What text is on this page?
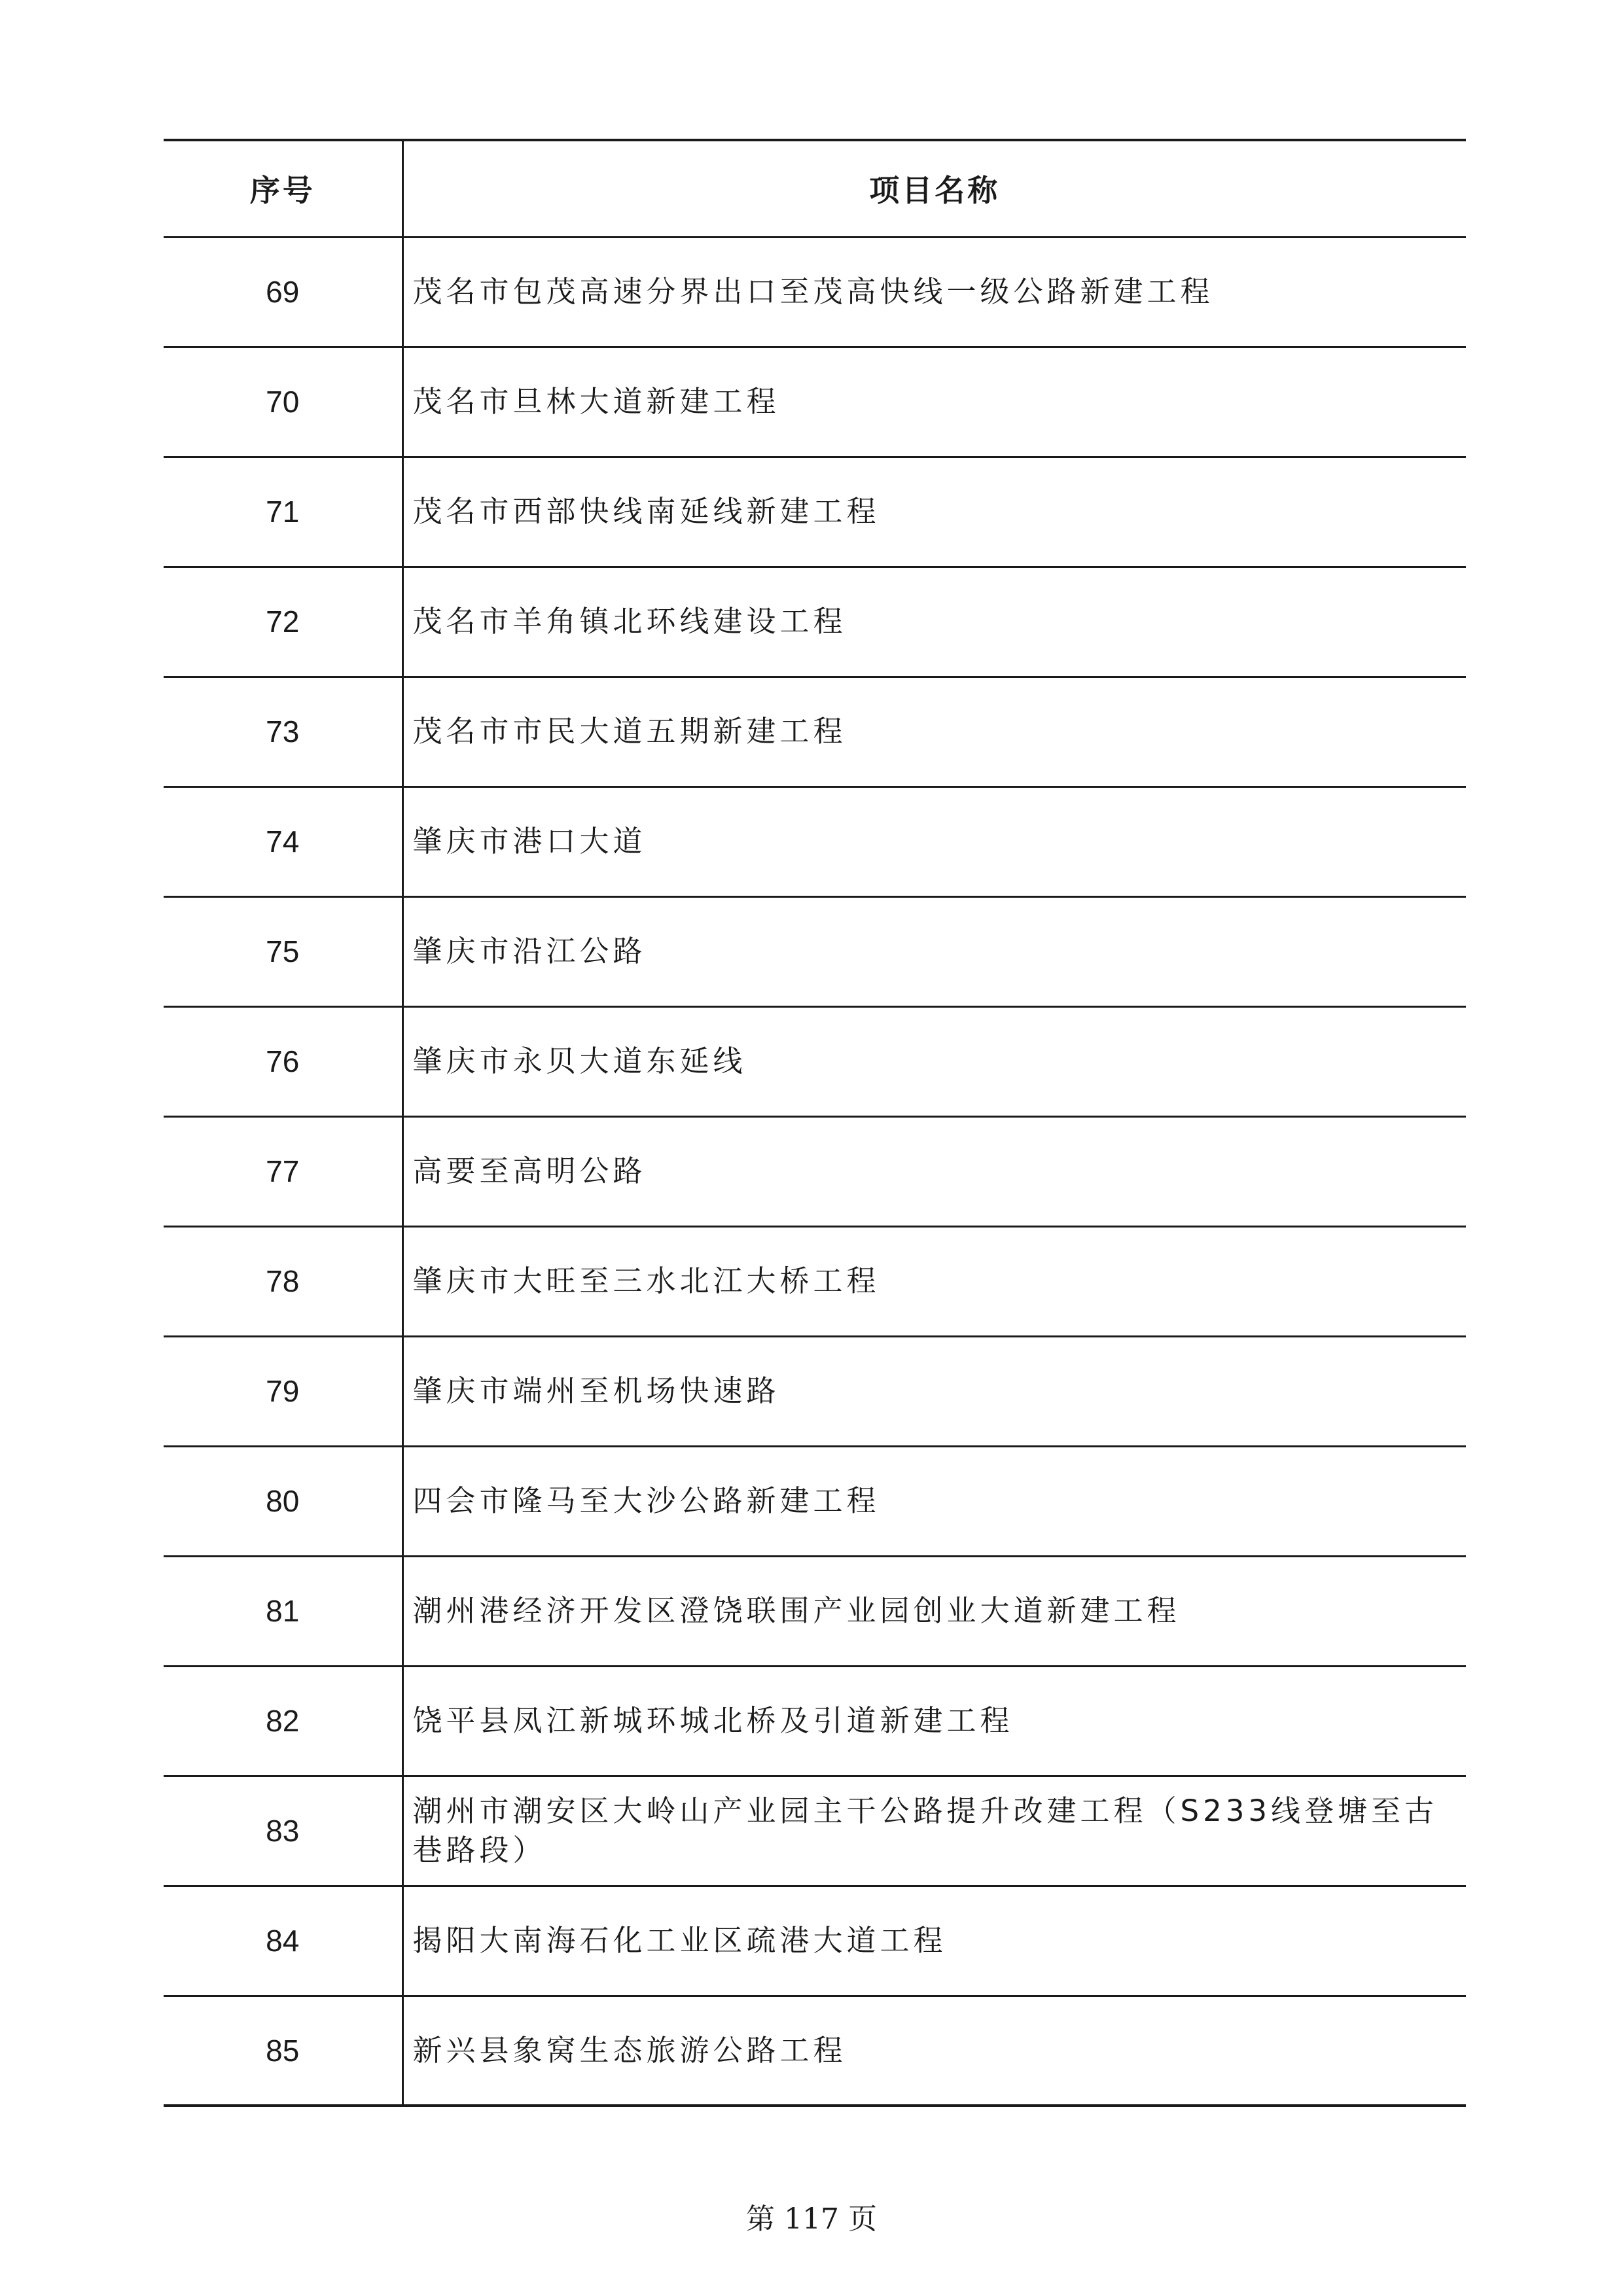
序号	项目名称
69	茂名市包茂高速分界出口至茂高快线一级公路新建工程
70	茂名市旦林大道新建工程
71	茂名市西部快线南延线新建工程
72	茂名市羊角镇北环线建设工程
73	茂名市市民大道五期新建工程
74	肇庆市港口大道
75	肇庆市沿江公路
76	肇庆市永贝大道东延线
77	高要至高明公路
78	肇庆市大旺至三水北江大桥工程
79	肇庆市端州至机场快速路
80	四会市隆马至大沙公路新建工程
81	潮州港经济开发区澄饶联围产业园创业大道新建工程
82	饶平县凤江新城环城北桥及引道新建工程
83	潮州市潮安区大岭山产业园主干公路提升改建工程（S233线登塘至古巷路段）
84	揭阳大南海石化工业区疏港大道工程
85	新兴县象窝生态旅游公路工程
第 117 页
